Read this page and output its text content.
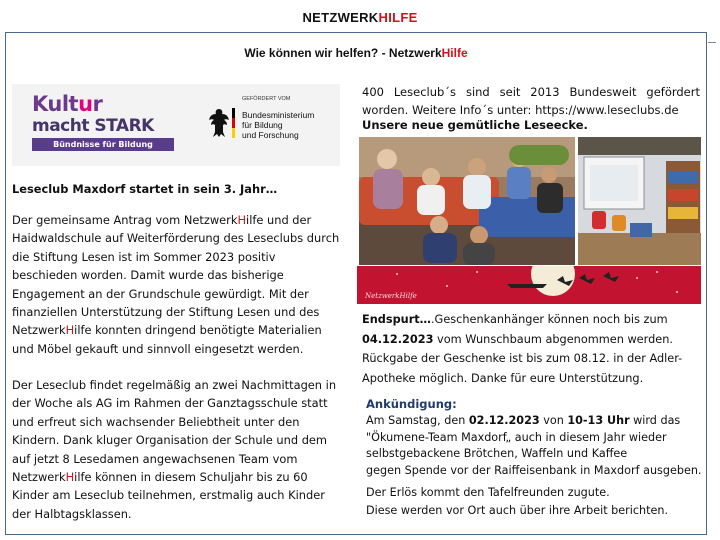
NETZWERKHILFE
Wie können wir helfen? - NetzwerkHilfe
Kultur
macht STARK
Bündnisse für Bildung
GEFÖRDERT VOM
Bundesministerium
für Bildung
und Forschung
Leseclub Maxdorf startet in sein 3. Jahr…
Der gemeinsame Antrag vom NetzwerkHilfe und der Haidwaldschule auf Weiterförderung des Leseclubs durch die Stiftung Lesen ist im Sommer 2023 positiv beschieden worden. Damit wurde das bisherige Engagement an der Grundschule gewürdigt. Mit der finanziellen Unterstützung der Stiftung Lesen und des NetzwerkHilfe konnten dringend benötigte Materialien und Möbel gekauft und sinnvoll eingesetzt werden.
Der Leseclub findet regelmäßig an zwei Nachmittagen in der Woche als AG im Rahmen der Ganztagsschule statt und erfreut sich wachsender Beliebtheit unter den Kindern. Dank kluger Organisation der Schule und dem auf jetzt 8 Lesedamen angewachsenen Team vom NetzwerkHilfe können in diesem Schuljahr bis zu 60 Kinder am Leseclub teilnehmen, erstmalig auch Kinder der Halbtagsklassen.
400 Leseclub´s sind seit 2013 Bundesweit gefördert worden. Weitere Info´s unter: https://www.leseclubs.de
Unsere neue gemütliche Leseecke.
NetzwerkHilfe
Endspurt….Geschenkanhänger können noch bis zum 04.12.2023 vom Wunschbaum abgenommen werden. Rückgabe der Geschenke ist bis zum 08.12. in der Adler-Apotheke möglich. Danke für eure Unterstützung.
Ankündigung:
Am Samstag, den 02.12.2023 von 10-13 Uhr wird das "Ökumene-Team Maxdorf„ auch in diesem Jahr wieder selbstgebackene Brötchen, Waffeln und Kaffee
gegen Spende vor der Raiffeisenbank in Maxdorf ausgeben.
Der Erlös kommt den Tafelfreunden zugute.
Diese werden vor Ort auch über ihre Arbeit berichten.
